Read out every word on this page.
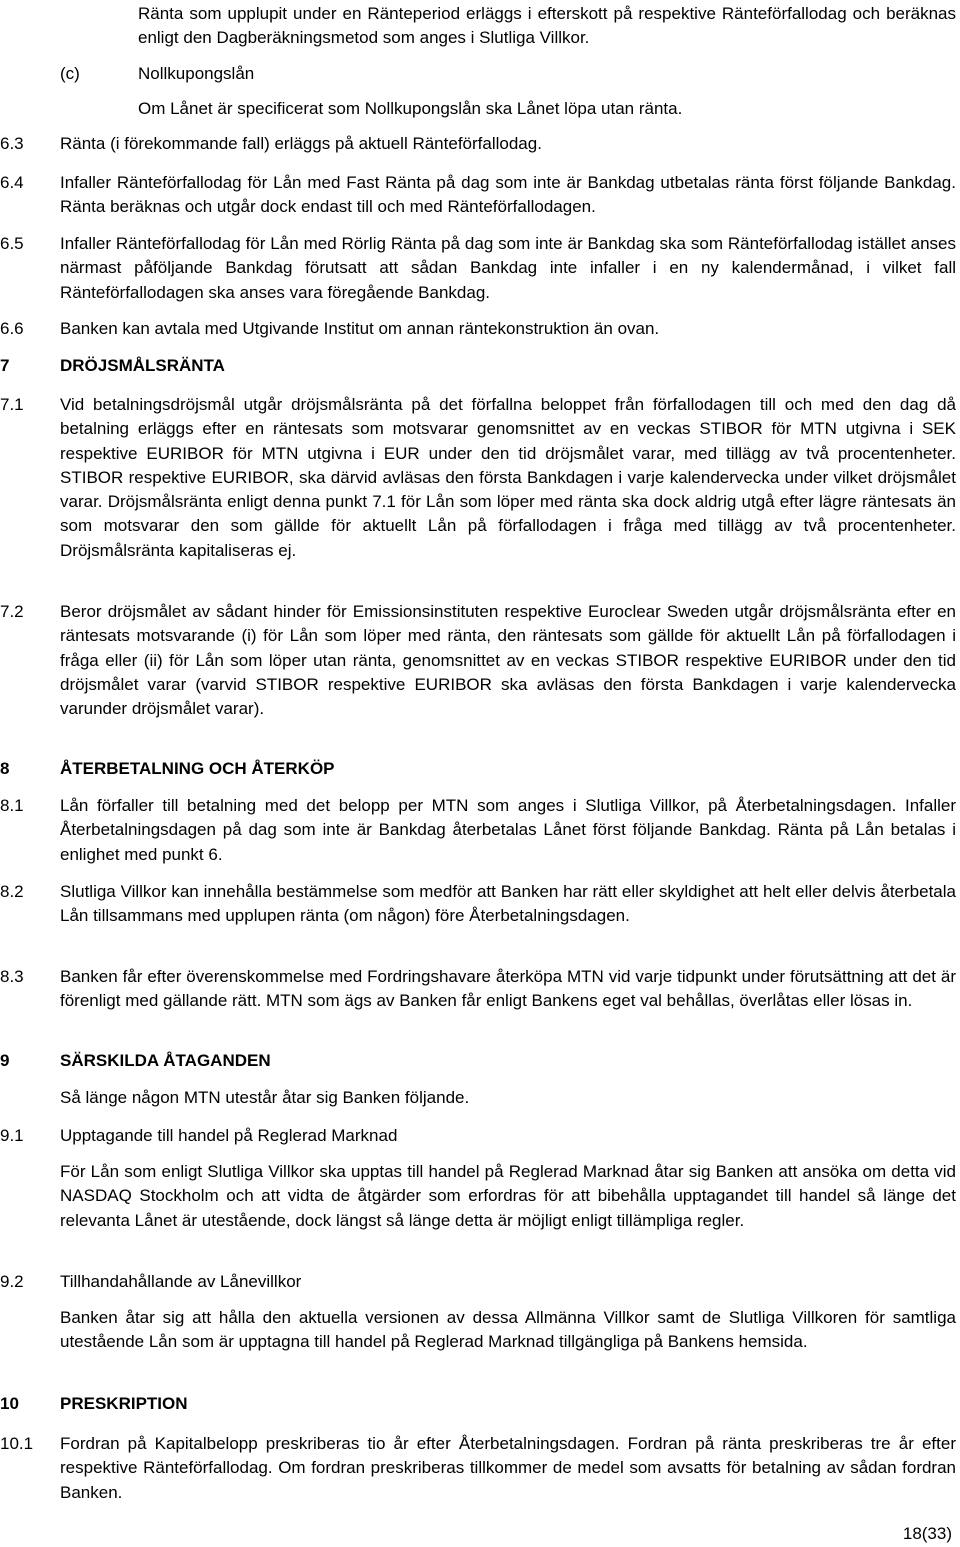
Ränta som upplupit under en Ränteperiod erläggs i efterskott på respektive Ränteförfallodag och beräknas enligt den Dagberäkningsmetod som anges i Slutliga Villkor.

(c)	Nollkupongslån

Om Lånet är specificerat som Nollkupongslån ska Lånet löpa utan ränta.

6.3 Ränta (i förekommande fall) erläggs på aktuell Ränteförfallodag.

6.4 Infaller Ränteförfallodag för Lån med Fast Ränta på dag som inte är Bankdag utbetalas ränta först följande Bankdag. Ränta beräknas och utgår dock endast till och med Ränteförfallodagen.

6.5 Infaller Ränteförfallodag för Lån med Rörlig Ränta på dag som inte är Bankdag ska som Ränteförfallodag istället anses närmast påföljande Bankdag förutsatt att sådan Bankdag inte infaller i en ny kalendermånad, i vilket fall Ränteförfallodagen ska anses vara föregående Bankdag.

6.6 Banken kan avtala med Utgivande Institut om annan räntekonstruktion än ovan.

7	DRÖJSMÅLSRÄNTA
7.1 Vid betalningsdröjsmål utgår dröjsmålsränta på det förfallna beloppet från förfallodagen till och med den dag då betalning erläggs efter en räntesats som motsvarar genomsnittet av en veckas STIBOR för MTN utgivna i SEK respektive EURIBOR för MTN utgivna i EUR under den tid dröjsmålet varar, med tillägg av två procentenheter. STIBOR respektive EURIBOR, ska därvid avläsas den första Bankdagen i varje kalendervecka under vilket dröjsmålet varar. Dröjsmålsränta enligt denna punkt 7.1 för Lån som löper med ränta ska dock aldrig utgå efter lägre räntesats än som motsvarar den som gällde för aktuellt Lån på förfallodagen i fråga med tillägg av två procentenheter. Dröjsmålsränta kapitaliseras ej.

7.2 Beror dröjsmålet av sådant hinder för Emissionsinstituten respektive Euroclear Sweden utgår dröjsmålsränta efter en räntesats motsvarande (i) för Lån som löper med ränta, den räntesats som gällde för aktuellt Lån på förfallodagen i fråga eller (ii) för Lån som löper utan ränta, genomsnittet av en veckas STIBOR respektive EURIBOR under den tid dröjsmålet varar (varvid STIBOR respektive EURIBOR ska avläsas den första Bankdagen i varje kalendervecka varunder dröjsmålet varar).

8	ÅTERBETALNING OCH ÅTERKÖP
8.1 Lån förfaller till betalning med det belopp per MTN som anges i Slutliga Villkor, på Återbetalningsdagen. Infaller Återbetalningsdagen på dag som inte är Bankdag återbetalas Lånet först följande Bankdag. Ränta på Lån betalas i enlighet med punkt 6.

8.2 Slutliga Villkor kan innehålla bestämmelse som medför att Banken har rätt eller skyldighet att helt eller delvis återbetala Lån tillsammans med upplupen ränta (om någon) före Återbetalningsdagen.

8.3 Banken får efter överenskommelse med Fordringshavare återköpa MTN vid varje tidpunkt under förutsättning att det är förenligt med gällande rätt. MTN som ägs av Banken får enligt Bankens eget val behållas, överlåtas eller lösas in.

9	SÄRSKILDA ÅTAGANDEN

Så länge någon MTN utestår åtar sig Banken följande.

9.1 Upptagande till handel på Reglerad Marknad

För Lån som enligt Slutliga Villkor ska upptas till handel på Reglerad Marknad åtar sig Banken att ansöka om detta vid NASDAQ Stockholm och att vidta de åtgärder som erfordras för att bibehålla upptagandet till handel så länge det relevanta Lånet är utestående, dock längst så länge detta är möjligt enligt tillämpliga regler.

9.2 Tillhandahållande av Lånevillkor

Banken åtar sig att hålla den aktuella versionen av dessa Allmänna Villkor samt de Slutliga Villkoren för samtliga utestående Lån som är upptagna till handel på Reglerad Marknad tillgängliga på Bankens hemsida.

10 PRESKRIPTION
10.1 Fordran på Kapitalbelopp preskriberas tio år efter Återbetalningsdagen. Fordran på ränta preskriberas tre år efter respektive Ränteförfallodag. Om fordran preskriberas tillkommer de medel som avsatts för betalning av sådan fordran Banken.

18(33)
